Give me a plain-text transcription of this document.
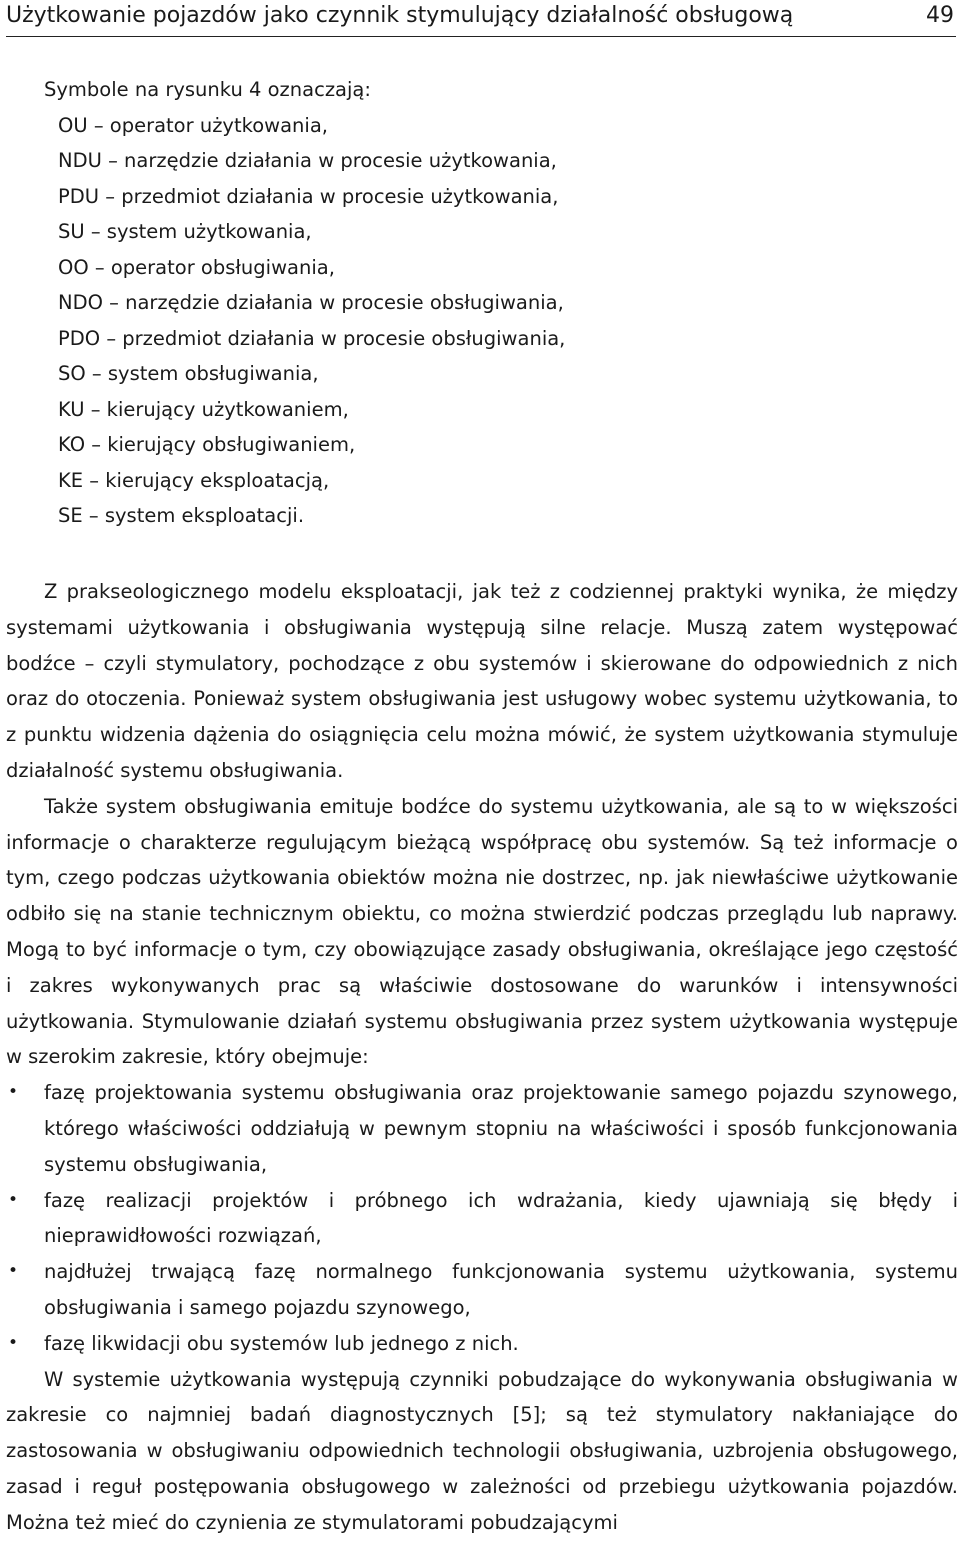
Użytkowanie pojazdów jako czynnik stymulujący działalność obsługową	49
Symbole na rysunku 4 oznaczają:
OU – operator użytkowania,
NDU – narzędzie działania w procesie użytkowania,
PDU – przedmiot działania w procesie użytkowania,
SU – system użytkowania,
OO – operator obsługiwania,
NDO – narzędzie działania w procesie obsługiwania,
PDO – przedmiot działania w procesie obsługiwania,
SO – system obsługiwania,
KU – kierujący użytkowaniem,
KO – kierujący obsługiwaniem,
KE – kierujący eksploatacją,
SE – system eksploatacji.

Z prakseologicznego modelu eksploatacji, jak też z codziennej praktyki wynika, że między systemami użytkowania i obsługiwania występują silne relacje. Muszą zatem występować bodźce – czyli stymulatory, pochodzące z obu systemów i skierowane do odpowiednich z nich oraz do otoczenia. Ponieważ system obsługiwania jest usługowy wobec systemu użytkowania, to z punktu widzenia dążenia do osiągnięcia celu można mówić, że system użytkowania stymuluje działalność systemu obsługiwania.

Także system obsługiwania emituje bodźce do systemu użytkowania, ale są to w większości informacje o charakterze regulującym bieżącą współpracę obu systemów. Są też informacje o tym, czego podczas użytkowania obiektów można nie dostrzec, np. jak niewłaściwe użytkowanie odbiło się na stanie technicznym obiektu, co można stwierdzić podczas przeglądu lub naprawy. Mogą to być informacje o tym, czy obowiązujące zasady obsługiwania, określające jego częstość i zakres wykonywanych prac są właściwie dostosowane do warunków i intensywności użytkowania. Stymulowanie działań systemu obsługiwania przez system użytkowania występuje w szerokim zakresie, który obejmuje:

• fazę projektowania systemu obsługiwania oraz projektowanie samego pojazdu szynowego, którego właściwości oddziałują w pewnym stopniu na właściwości i sposób funkcjonowania systemu obsługiwania,
• fazę realizacji projektów i próbnego ich wdrażania, kiedy ujawniają się błędy i nieprawidłowości rozwiązań,
• najdłużej trwającą fazę normalnego funkcjonowania systemu użytkowania, systemu obsługiwania i samego pojazdu szynowego,
• fazę likwidacji obu systemów lub jednego z nich.

W systemie użytkowania występują czynniki pobudzające do wykonywania obsługiwania w zakresie co najmniej badań diagnostycznych [5]; są też stymulatory nakłaniające do zastosowania w obsługiwaniu odpowiednich technologii obsługiwania, uzbrojenia obsługowego, zasad i reguł postępowania obsługowego w zależności od przebiegu użytkowania pojazdów. Można też mieć do czynienia ze stymulatorami pobudzającymi
